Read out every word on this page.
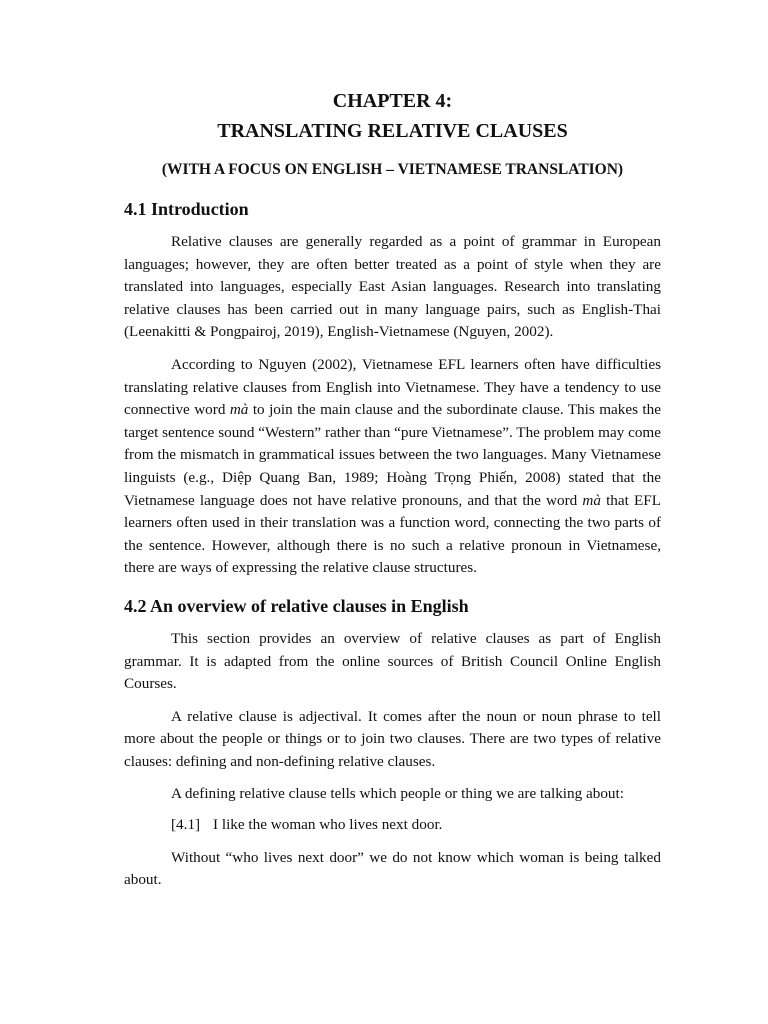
CHAPTER 4:
TRANSLATING RELATIVE CLAUSES
(WITH A FOCUS ON ENGLISH – VIETNAMESE TRANSLATION)
4.1 Introduction

Relative clauses are generally regarded as a point of grammar in European languages; however, they are often better treated as a point of style when they are translated into languages, especially East Asian languages. Research into translating relative clauses has been carried out in many language pairs, such as English-Thai (Leenakitti & Pongpairoj, 2019), English-Vietnamese (Nguyen, 2002).

According to Nguyen (2002), Vietnamese EFL learners often have difficulties translating relative clauses from English into Vietnamese. They have a tendency to use connective word mà to join the main clause and the subordinate clause. This makes the target sentence sound “Western” rather than “pure Vietnamese”. The problem may come from the mismatch in grammatical issues between the two languages. Many Vietnamese linguists (e.g., Diệp Quang Ban, 1989; Hoàng Trọng Phiến, 2008) stated that the Vietnamese language does not have relative pronouns, and that the word mà that EFL learners often used in their translation was a function word, connecting the two parts of the sentence. However, although there is no such a relative pronoun in Vietnamese, there are ways of expressing the relative clause structures.

4.2 An overview of relative clauses in English

This section provides an overview of relative clauses as part of English grammar. It is adapted from the online sources of British Council Online English Courses.

A relative clause is adjectival. It comes after the noun or noun phrase to tell more about the people or things or to join two clauses. There are two types of relative clauses: defining and non-defining relative clauses.

A defining relative clause tells which people or thing we are talking about:

[4.1] I like the woman who lives next door.

Without “who lives next door” we do not know which woman is being talked about.
